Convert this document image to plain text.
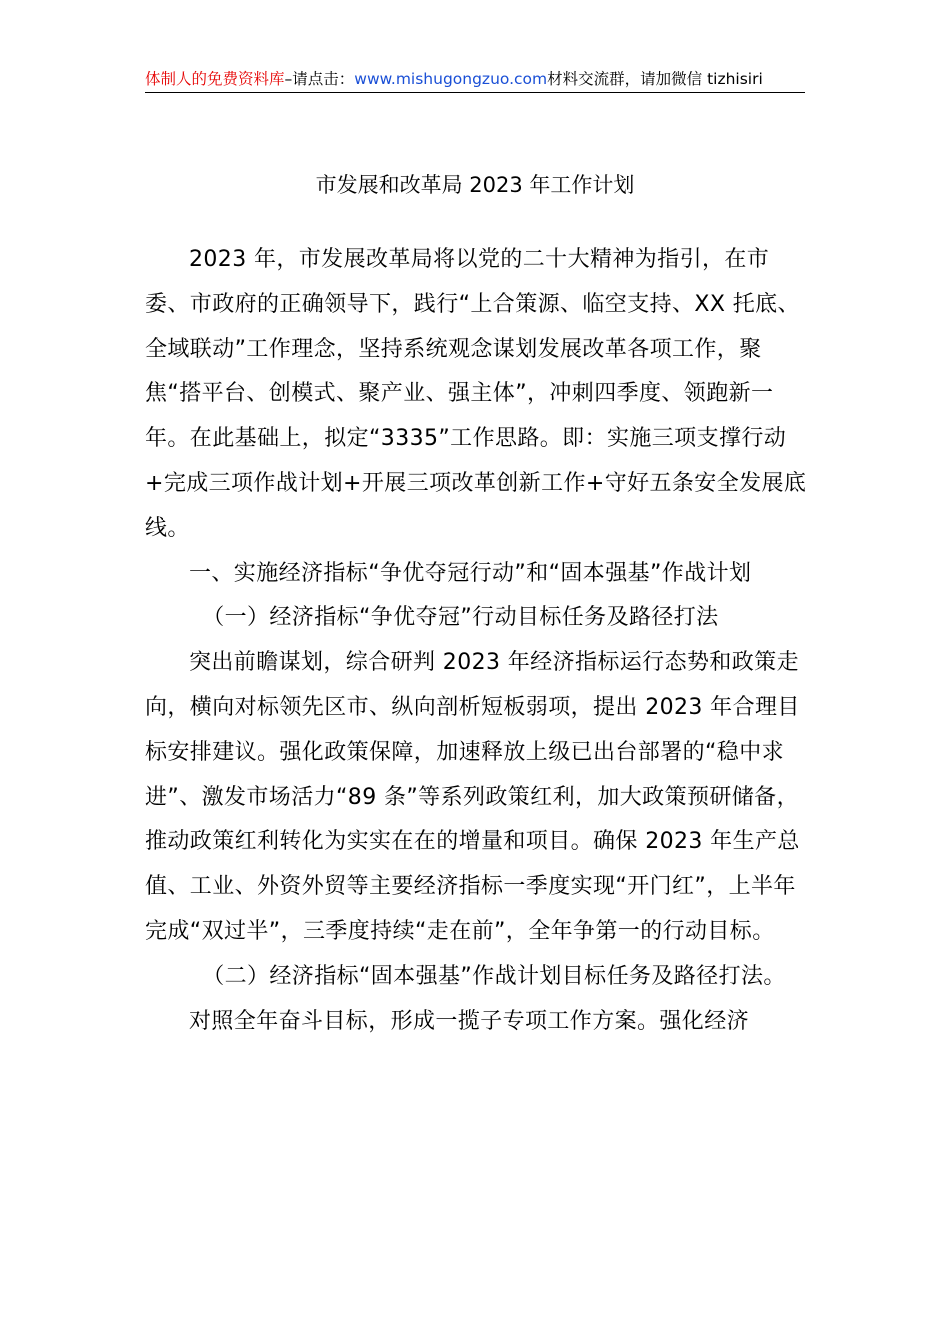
体制人的免费资料库–请点击：www.mishugongzuo.com材料交流群，请加微信 tizhisiri
市发展和改革局 2023 年工作计划

2023 年，市发展改革局将以党的二十大精神为指引，在市委、市政府的正确领导下，践行“上合策源、临空支持、XX 托底、全域联动”工作理念，坚持系统观念谋划发展改革各项工作，聚焦“搭平台、创模式、聚产业、强主体”，冲刺四季度、领跑新一年。在此基础上，拟定“3335”工作思路。即：实施三项支撑行动+完成三项作战计划+开展三项改革创新工作+守好五条安全发展底线。

一、实施经济指标“争优夺冠行动”和“固本强基”作战计划

（一）经济指标“争优夺冠”行动目标任务及路径打法

突出前瞻谋划，综合研判 2023 年经济指标运行态势和政策走向，横向对标领先区市、纵向剖析短板弱项，提出 2023 年合理目标安排建议。强化政策保障，加速释放上级已出台部署的“稳中求进”、激发市场活力“89 条”等系列政策红利，加大政策预研储备，推动政策红利转化为实实在在的增量和项目。确保 2023 年生产总值、工业、外资外贸等主要经济指标一季度实现“开门红”，上半年完成“双过半”，三季度持续“走在前”，全年争第一的行动目标。

（二）经济指标“固本强基”作战计划目标任务及路径打法。

对照全年奋斗目标，形成一揽子专项工作方案。强化经济
